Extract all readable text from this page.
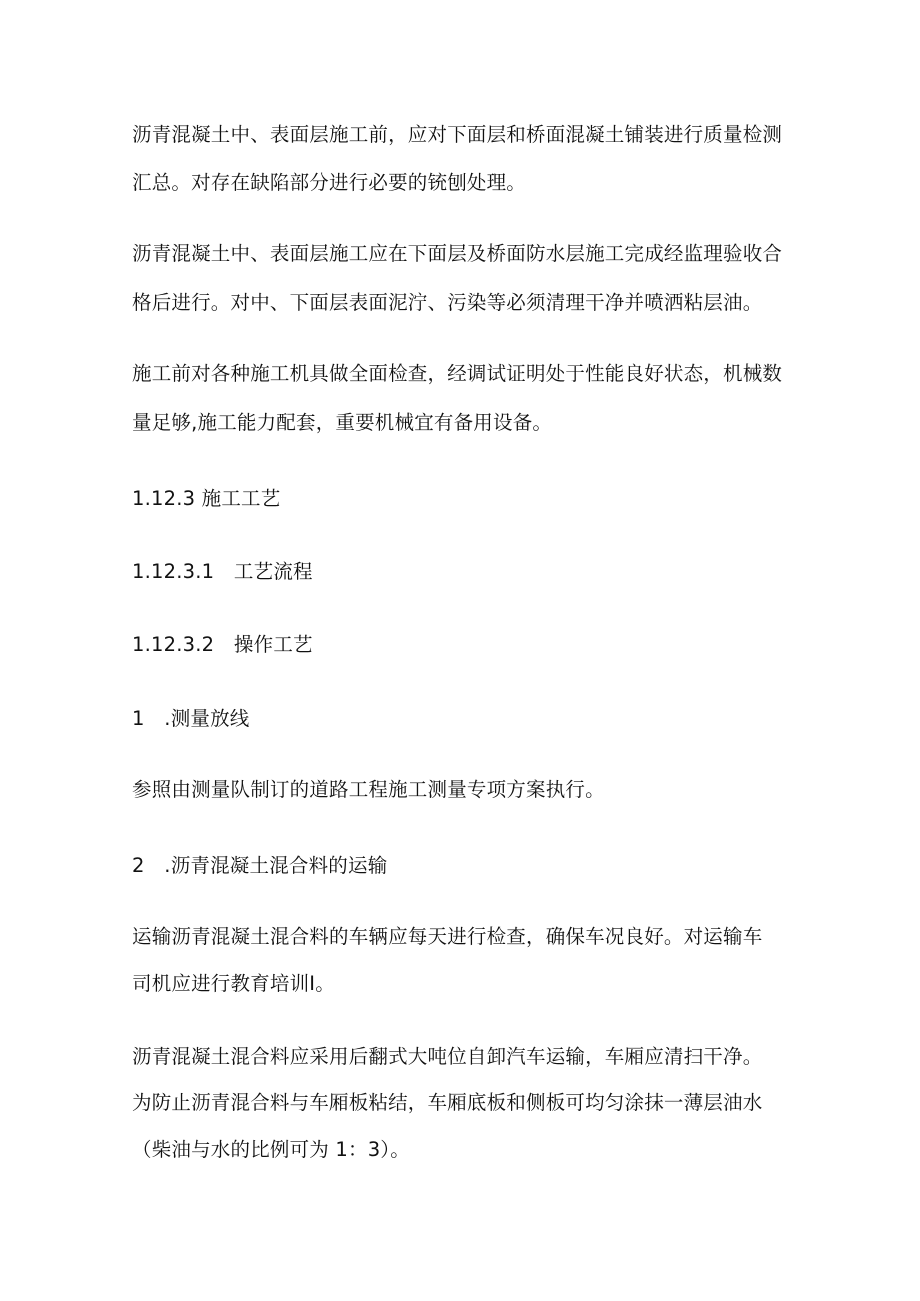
沥青混凝土中、表面层施工前，应对下面层和桥面混凝土铺装进行质量检测
汇总。对存在缺陷部分进行必要的铳刨处理。
沥青混凝土中、表面层施工应在下面层及桥面防水层施工完成经监理验收合
格后进行。对中、下面层表面泥泞、污染等必须清理干净并喷洒粘层油。
施工前对各种施工机具做全面检查，经调试证明处于性能良好状态，机械数
量足够,施工能力配套，重要机械宜有备用设备。
1.12.3 施工工艺
1.12.3.1　工艺流程
1.12.3.2　操作工艺
1　.测量放线
参照由测量队制订的道路工程施工测量专项方案执行。
2　.沥青混凝土混合料的运输
运输沥青混凝土混合料的车辆应每天进行检查，确保车况良好。对运输车
司机应进行教育培训I。
沥青混凝土混合料应采用后翻式大吨位自卸汽车运输，车厢应清扫干净。
为防止沥青混合料与车厢板粘结，车厢底板和侧板可均匀涂抹一薄层油水
（柴油与水的比例可为 1：3）。
